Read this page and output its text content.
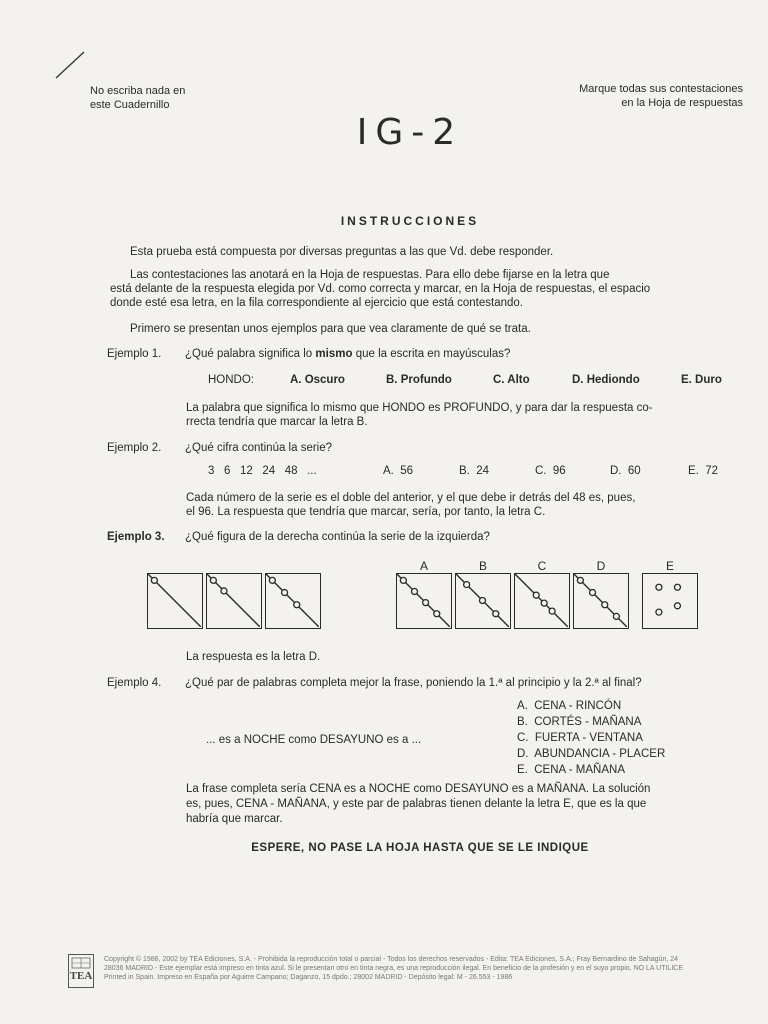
No escriba nada en
este Cuadernillo
Marque todas sus contestaciones
en la Hoja de respuestas
IG-2
INSTRUCCIONES
Esta prueba está compuesta por diversas preguntas a las que Vd. debe responder.
Las contestaciones las anotará en la Hoja de respuestas. Para ello debe fijarse en la letra que
está delante de la respuesta elegida por Vd. como correcta y marcar, en la Hoja de respuestas, el espacio
donde esté esa letra, en la fila correspondiente al ejercicio que está contestando.
Primero se presentan unos ejemplos para que vea claramente de qué se trata.
Ejemplo 1. ¿Qué palabra significa lo mismo que la escrita en mayúsculas?
HONDO:	A. Oscuro	B. Profundo	C. Alto	D. Hediondo	E. Duro
La palabra que significa lo mismo que HONDO es PROFUNDO, y para dar la respuesta co-
rrecta tendría que marcar la letra B.
Ejemplo 2. ¿Qué cifra continúa la serie?
3   6   12   24   48   ...	A.  56	B.  24	C.  96	D.  60	E.  72
Cada número de la serie es el doble del anterior, y el que debe ir detrás del 48 es, pues,
el 96. La respuesta que tendría que marcar, sería, por tanto, la letra C.
Ejemplo 3. ¿Qué figura de la derecha continúa la serie de la izquierda?
La respuesta es la letra D.
Ejemplo 4. ¿Qué par de palabras completa mejor la frase, poniendo la 1.ª al principio y la 2.ª al final?
A.  CENA - RINCÓN
B.  CORTÉS - MAÑANA
C.  FUERTA - VENTANA
D.  ABUNDANCIA - PLACER
E.  CENA - MAÑANA
... es a NOCHE como DESAYUNO es a ...
La frase completa sería CENA es a NOCHE como DESAYUNO es a MAÑANA. La solución
es, pues, CENA - MAÑANA, y este par de palabras tienen delante la letra E, que es la que
habría que marcar.
ESPERE, NO PASE LA HOJA HASTA QUE SE LE INDIQUE
TEA
Copyright © 1986, 2002 by TEA Ediciones, S.A. - Prohibida la reproducción total o parcial - Todos los derechos reservados - Edita: TEA Ediciones, S.A.; Fray Bernardino de Sahagún, 24
28036 MADRID - Este ejemplar está impreso en tinta azul. Si le presentan otro en tinta negra, es una reproducción ilegal. En beneficio de la profesión y en el suyo propio, NO LA UTILICE
Printed in Spain. Impreso en España por Aguirre Campano; Daganzo, 15 dpdo.; 28002 MADRID - Depósito legal: M - 26.553 - 1986
A	B	C	D	E
